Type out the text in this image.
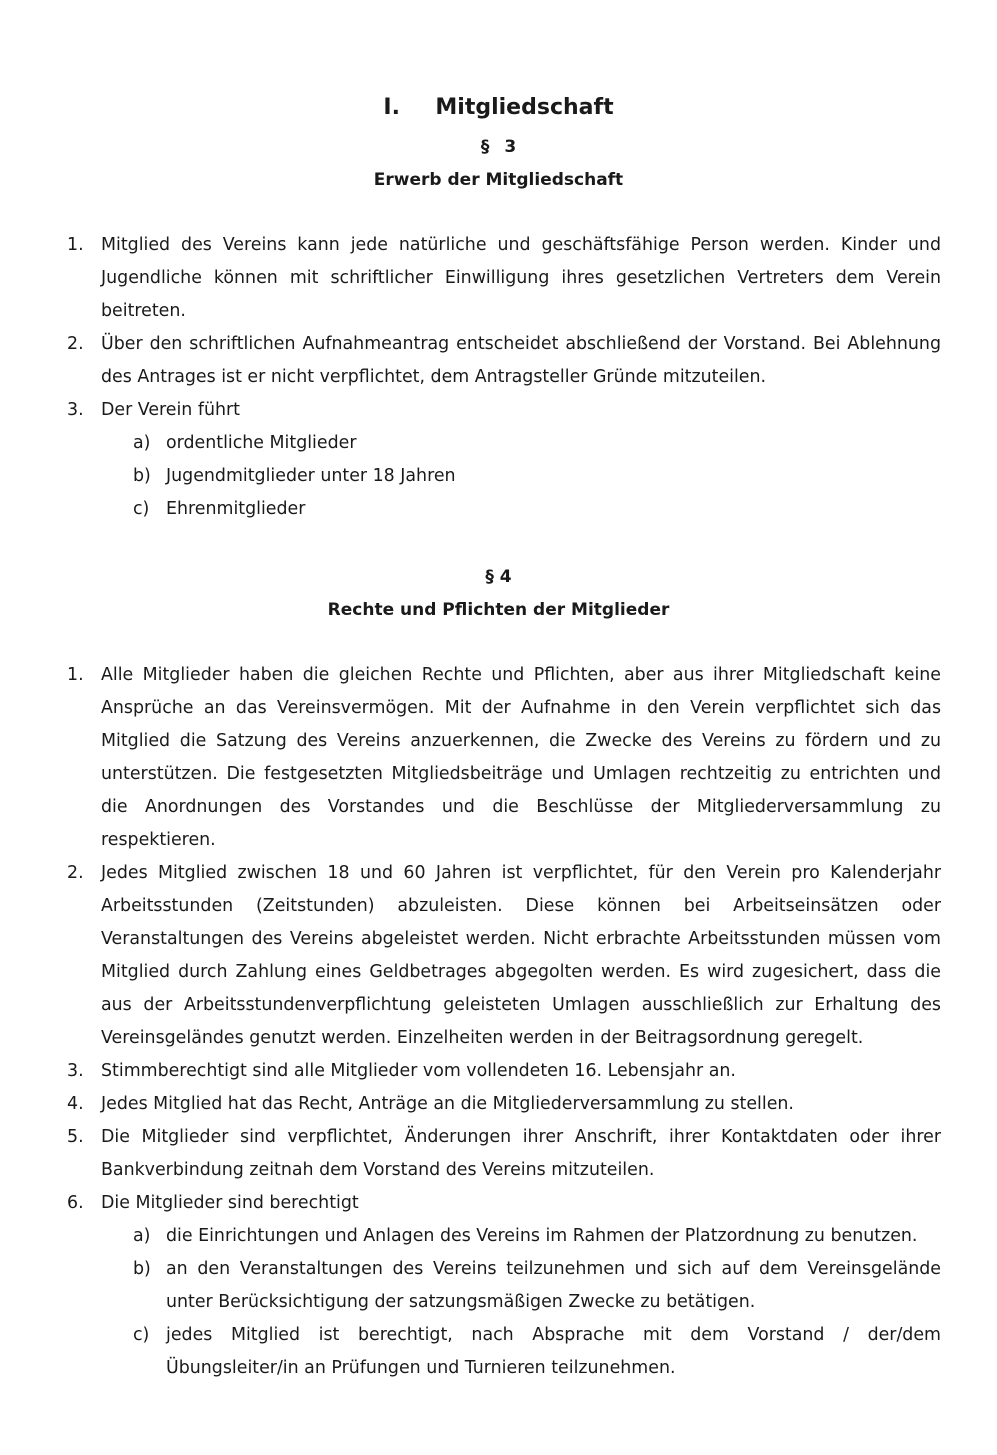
I. Mitgliedschaft
§ 3
Erwerb der Mitgliedschaft
1. Mitglied des Vereins kann jede natürliche und geschäftsfähige Person werden. Kinder und Jugendliche können mit schriftlicher Einwilligung ihres gesetzlichen Vertreters dem Verein beitreten.
2. Über den schriftlichen Aufnahmeantrag entscheidet abschließend der Vorstand. Bei Ablehnung des Antrages ist er nicht verpflichtet, dem Antragsteller Gründe mitzuteilen.
3. Der Verein führt
a) ordentliche Mitglieder
b) Jugendmitglieder unter 18 Jahren
c) Ehrenmitglieder
§ 4
Rechte und Pflichten der Mitglieder
1. Alle Mitglieder haben die gleichen Rechte und Pflichten, aber aus ihrer Mitgliedschaft keine Ansprüche an das Vereinsvermögen. Mit der Aufnahme in den Verein verpflichtet sich das Mitglied die Satzung des Vereins anzuerkennen, die Zwecke des Vereins zu fördern und zu unterstützen. Die festgesetzten Mitgliedsbeiträge und Umlagen rechtzeitig zu entrichten und die Anordnungen des Vorstandes und die Beschlüsse der Mitgliederversammlung zu respektieren.
2. Jedes Mitglied zwischen 18 und 60 Jahren ist verpflichtet, für den Verein pro Kalenderjahr Arbeitsstunden (Zeitstunden) abzuleisten. Diese können bei Arbeitseinsätzen oder Veranstaltungen des Vereins abgeleistet werden. Nicht erbrachte Arbeitsstunden müssen vom Mitglied durch Zahlung eines Geldbetrages abgegolten werden. Es wird zugesichert, dass die aus der Arbeitsstundenverpflichtung geleisteten Umlagen ausschließlich zur Erhaltung des Vereinsgeländes genutzt werden. Einzelheiten werden in der Beitragsordnung geregelt.
3. Stimmberechtigt sind alle Mitglieder vom vollendeten 16. Lebensjahr an.
4. Jedes Mitglied hat das Recht, Anträge an die Mitgliederversammlung zu stellen.
5. Die Mitglieder sind verpflichtet, Änderungen ihrer Anschrift, ihrer Kontaktdaten oder ihrer Bankverbindung zeitnah dem Vorstand des Vereins mitzuteilen.
6. Die Mitglieder sind berechtigt
a) die Einrichtungen und Anlagen des Vereins im Rahmen der Platzordnung zu benutzen.
b) an den Veranstaltungen des Vereins teilzunehmen und sich auf dem Vereinsgelände unter Berücksichtigung der satzungsmäßigen Zwecke zu betätigen.
c) jedes Mitglied ist berechtigt, nach Absprache mit dem Vorstand / der/dem Übungsleiter/in an Prüfungen und Turnieren teilzunehmen.
